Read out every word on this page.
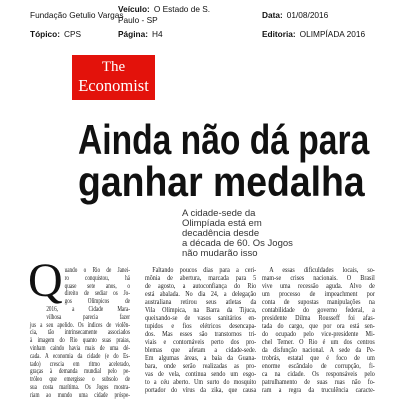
Fundação Getulio Vargas
Veículo: O Estado de S. Paulo - SP	Data: 01/08/2016
Tópico: CPS	Página: H4	Editoria: OLIMPÍADA 2016
The
Economist
Ainda não dá para
ganhar medalha
A cidade-sede da
Olimpíada está em
decadência desde
a década de 60. Os Jogos
não mudarão isso
Q uando o Rio de Janei-
ro conquistou, há
quase sete anos, o
direito de sediar os Jo-
gos Olímpicos de
2016, a Cidade Mara-
vilhosa parecia fazer
jus a seu apelido. Os índices de violên-
cia, tão intrinsecamente associados
à imagem do Rio quanto suas praias,
vinham caindo havia mais de uma dé-
cada. A economia da cidade (e do Es-
tado) crescia em ritmo acelerado,
graças à demanda mundial pelo pe-
tróleo que emergisse o subsolo de
sua costa marítima. Os Jogos mostra-
riam ao mundo uma cidade próspe-
Faltando poucos dias para a ceri-
mônia de abertura, marcada para 5
de agosto, a autoconfiança do Rio
está abalada. No dia 24, a delegação
australiana retirou seus atletas da
Vila Olímpica, na Barra da Tijuca,
queixando-se de vasos sanitários en-
tupidos e fios elétricos desencapa-
dos. Mas esses são transtornos tri-
viais e contornáveis perto dos pro-
blemas que afetam a cidade-sede.
Em algumas áreas, a baía da Guana-
bara, onde serão realizadas as pro-
vas de vela, continua sendo um esgo-
to a céu aberto. Um surto do mosquito
portador do vírus da zika, que causa
A essas dificuldades locais, so-
mam-se crises nacionais. O Brasil
vive uma recessão aguda. Alvo de
um processo de impeachment por
conta de supostas manipulações na
contabilidade do governo federal, a
presidente Dilma Rousseff foi afas-
tada do cargo, que por ora está sen-
do ocupado pelo vice-presidente Mi-
chel Temer. O Rio é um dos centros
da disfunção nacional. A sede da Pe-
trobrás, estatal que é foco de um
enorme escândalo de corrupção, fi-
ca na cidade. Os responsáveis pelo
patrulhamento de suas ruas não fo-
ram a regra da truculência caracte-
